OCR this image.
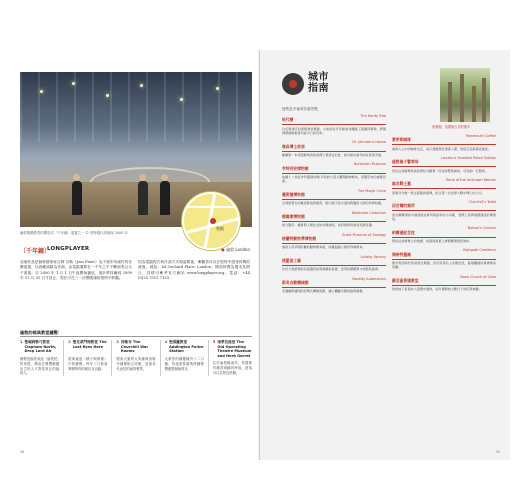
聖殿
倫敦聖殿教堂的開放式「千年鐘」裝置之一 © 塔特現代美術館 2000 年
〔千年鐘〕
LONGPLAYER	● 倫敦 London
這個作品是倫敦藝術家吉姆·芬勒（Jem Finer）為千禧年所創作的音樂裝置，以西藏頌缽為音源，由電腦運算在一千年之中不斷演奏且永不重複。自 2000 年 1 月 1 日午夜開始播放，預計將持續到 2999 年 12 月 31 日才終止，現在可在三一浮標碼頭的燈塔中聆聽。
因為電腦程式與作曲方式相當繁複，參觀者可以在燈塔中感受時間的流逝。地址：64 Orchard Place, London；開放時間為週末及假日，詳情可參考官方網站 www.longplayer.org。電話：+44 (0)20 7515 7153。
倫敦的經典教堂鐘聲：
1 聖瑪莉勒弓教堂 Clapham North, Drop Lord Air
鐘聲是倫敦東區「倫敦佬」的象徵，傳說在聲響範圍出生的人才算是真正的倫敦人。
2 聖克萊門特教堂 The Lost Ryes Here
經典童謠〈橘子與檸檬〉中的鐘聲，每年三月都會舉辦特別的報佳音活動。
3 西敏寺 The Churchill War Rooms
國會大廈的大笨鐘與西敏寺鐘聲相互呼應，是最具代表性的倫敦聲景。
4 聖保羅教堂 Addington Police Station
大教堂的鐘樓擁有十二口鐘，每逢重要慶典時鐘聲響徹整個倫敦市。
5 南華克座堂 The Old Operating Theatre Museum and Herb Garret
位於倫敦橋南岸，每週都有練習鳴鐘的時段，遊客可以在附近聆聽。
48
城市
指南
搜集更多倫敦有趣景點
The Hardy Tree
哈代樹
位於聖潘克拉斯舊教堂墓園，小說家哈代年輕時為鐵路工程搬移墓碑，將墓碑環繞樹根排列成今日的景象。
Dr. Johnson's House
詹森博士故居
編纂第一本英語辭典的詹森博士曾居住於此，館內保存當年的家具與手稿。
Hunterian Museum
亨特利安博物館
收藏十八世紀外科醫師約翰·亨特的大量人體與動物標本，是醫學史的重要見證。
The Magic Circle
魔術圈博物館
全球最著名的魔術師協會總部，館內展示各式道具與魔術大師的珍貴收藏。
Wellcome Collection
衛爾康博物館
結合醫學、藝術與人類生活的免費展館，常設展與特展皆充滿奇趣。
Grant Museum of Zoology
格蘭特動物學博物館
倫敦大學學院附屬的動物標本館，收藏超過六萬件珍稀標本。
Lullaby Factory
搖籃曲工廠
位於大奧蒙德街兒童醫院的管線藝術裝置，需用特製聽筒才能聽見旋律。
Novelty Automation
新奇自動機械館
充滿幽默諷刺的投幣式機械遊戲，讓人體驗另類的倫敦娛樂。
骨頭樹，英國最古老的樹木
Monmouth Coffee
蒙茅斯咖啡
倫敦人心中的咖啡名店，每日清晨便有排隊人潮，烘焙豆品質備受推崇。
London's Smallest Police Station
倫敦最小警察局
特拉法加廣場角落的燈柱內藏著一座迷你警察崗哨，可容納一名警員。
Tomb of the Unknown Warrior
無名戰士墓
西敏寺內唯一禁止踩踏的墓碑，紀念第一次世界大戰中陣亡的士兵。
Churchill's Toilet
邱吉爾的廁所
邱吉爾戰情室中被偽裝成專用電話亭的小房間，實際上是與美國通話的專線室。
Nelson's Column
納爾遜紀念柱
特拉法加廣場上的地標，柱頂的海軍上將俯瞰著整座城市。
Highgate Cemetery
海格特墓園
維多利亞時代的哥德式墓園，馬克思等名人長眠於此，藤蔓纏繞的墓碑極具氛圍。
Bone Church of Soho
蘇活區骨頭教堂
教堂地下室保存大量歷史遺骨，每年僅開放少數日子供民眾參觀。
49
